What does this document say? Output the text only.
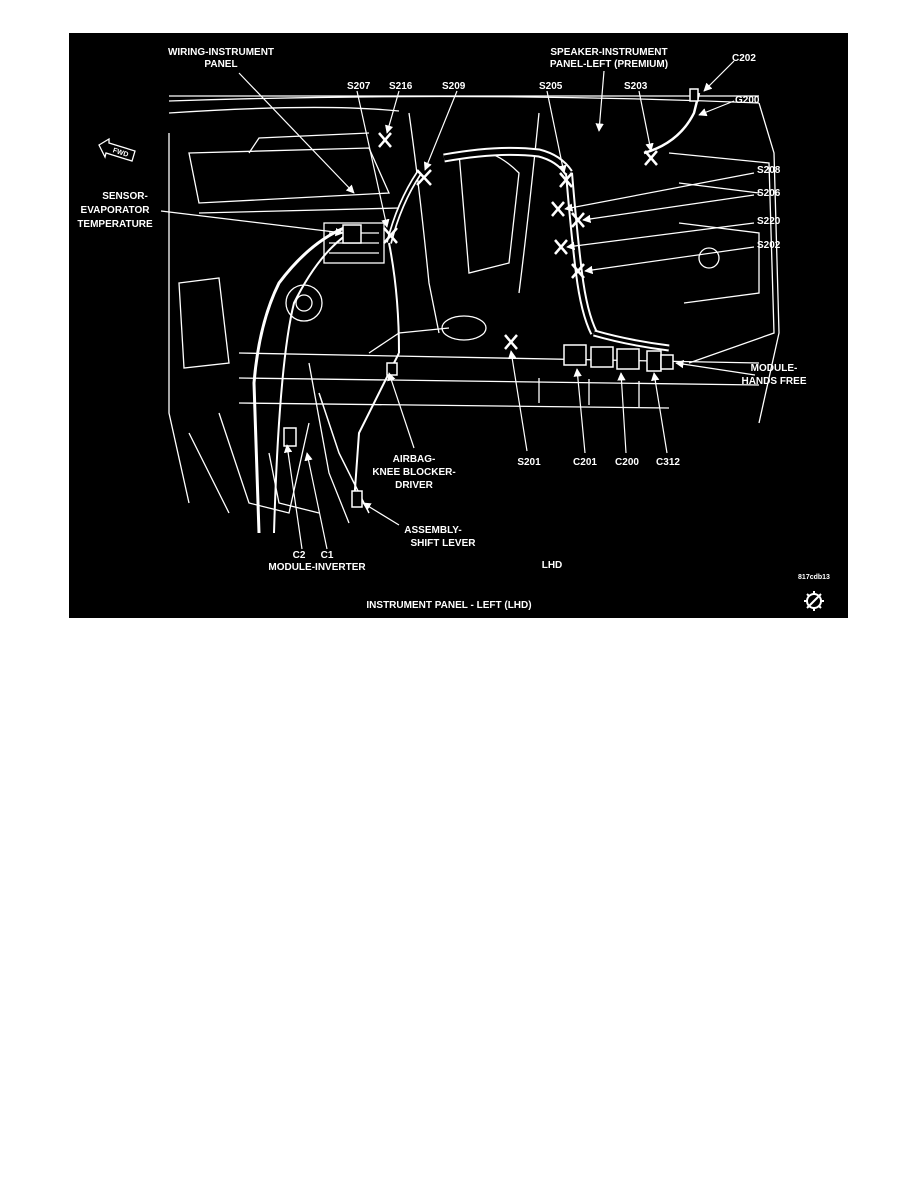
FWD
WIRING-INSTRUMENT
PANEL
SPEAKER-INSTRUMENT
PANEL-LEFT (PREMIUM)
C202
G200
S207 S216	S209	S205	S203
S208
S206
S220
S202
SENSOR-
EVAPORATOR
TEMPERATURE
MODULE-
HANDS FREE
AIRBAG-
KNEE BLOCKER-
DRIVER
S201	C201 C200 C312
ASSEMBLY-
SHIFT LEVER
C2 C1
MODULE-INVERTER	LHD
817cdb13
INSTRUMENT PANEL - LEFT (LHD)
